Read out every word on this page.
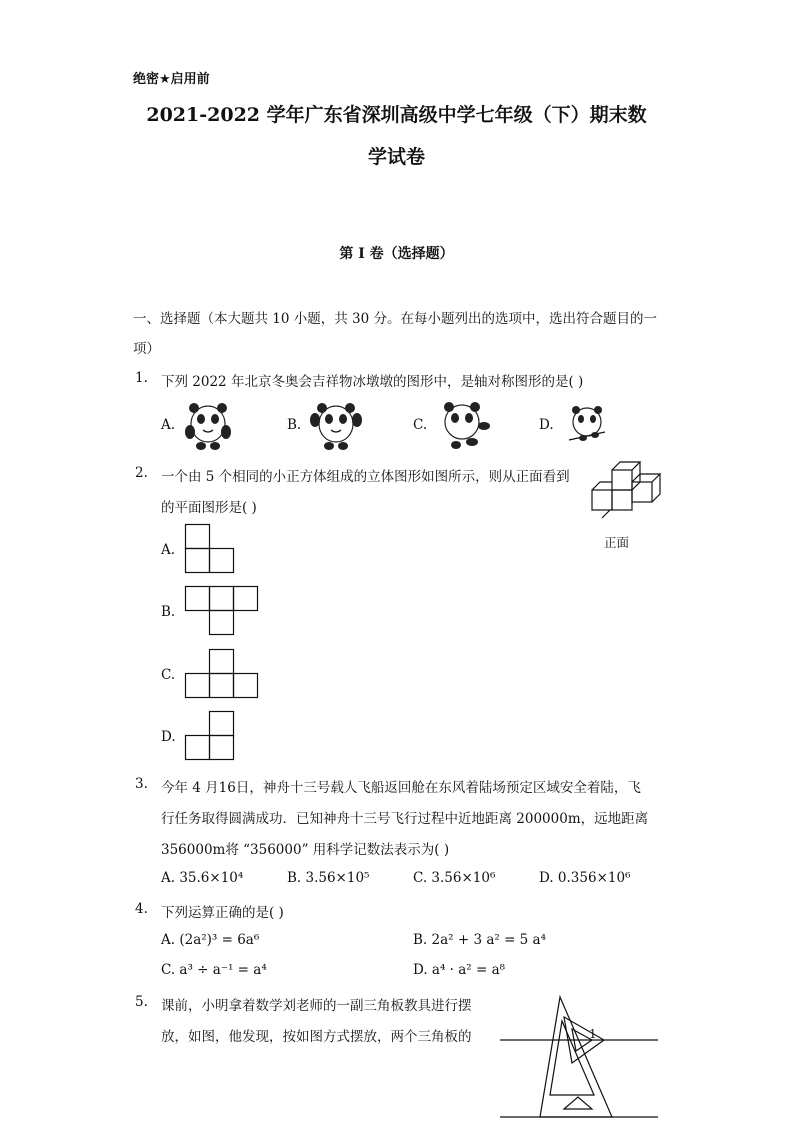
绝密★启用前
2021-2022 学年广东省深圳高级中学七年级（下）期末数
学试卷
第 I 卷（选择题）
一、选择题（本大题共 10 小题，共 30 分。在每小题列出的选项中，选出符合题目的一
项）
1. 下列 2022 年北京冬奥会吉祥物冰墩墩的图形中，是轴对称图形的是( )
A.	B.	C.	D.
2. 一个由 5 个相同的小正方体组成的立体图形如图所示，则从正面看到
的平面图形是( )
正面
A.
B.
C.
D.
3. 今年 4 月16日，神舟十三号载人飞船返回舱在东风着陆场预定区域安全着陆，飞
行任务取得圆满成功．已知神舟十三号飞行过程中近地距离 200000m，远地距离
356000m将 “356000” 用科学记数法表示为( )
A. 35.6×10⁴	B. 3.56×10⁵	C. 3.56×10⁶	D. 0.356×10⁶
4. 下列运算正确的是( )
A. (2a²)³ = 6a⁶	B. 2a² + 3 a² = 5 a⁴
C. a³ ÷ a⁻¹ = a⁴	D. a⁴ · a² = a⁸
5. 课前，小明拿着数学刘老师的一副三角板教具进行摆
放，如图，他发现，按如图方式摆放，两个三角板的	1
